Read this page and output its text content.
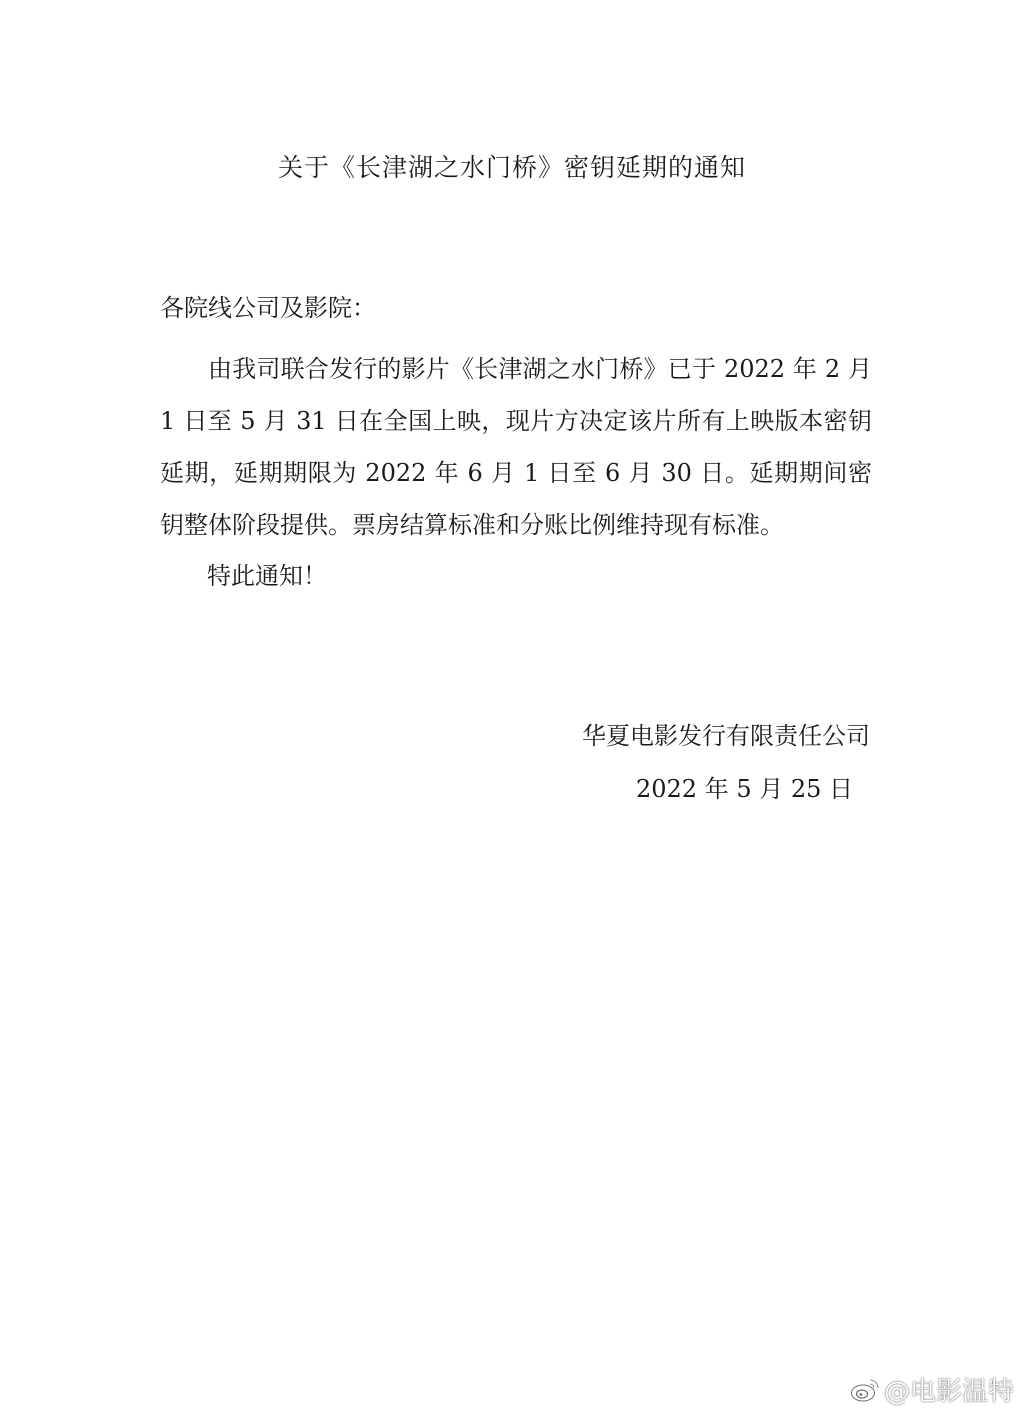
关于《长津湖之水门桥》密钥延期的通知
各院线公司及影院：

由我司联合发行的影片《长津湖之水门桥》已于 2022 年 2 月 1 日至 5 月 31 日在全国上映，现片方决定该片所有上映版本密钥延期，延期期限为 2022 年 6 月 1 日至 6 月 30 日。延期期间密钥整体阶段提供。票房结算标准和分账比例维持现有标准。

特此通知！
华夏电影发行有限责任公司
2022 年 5 月 25 日
@电影温特
